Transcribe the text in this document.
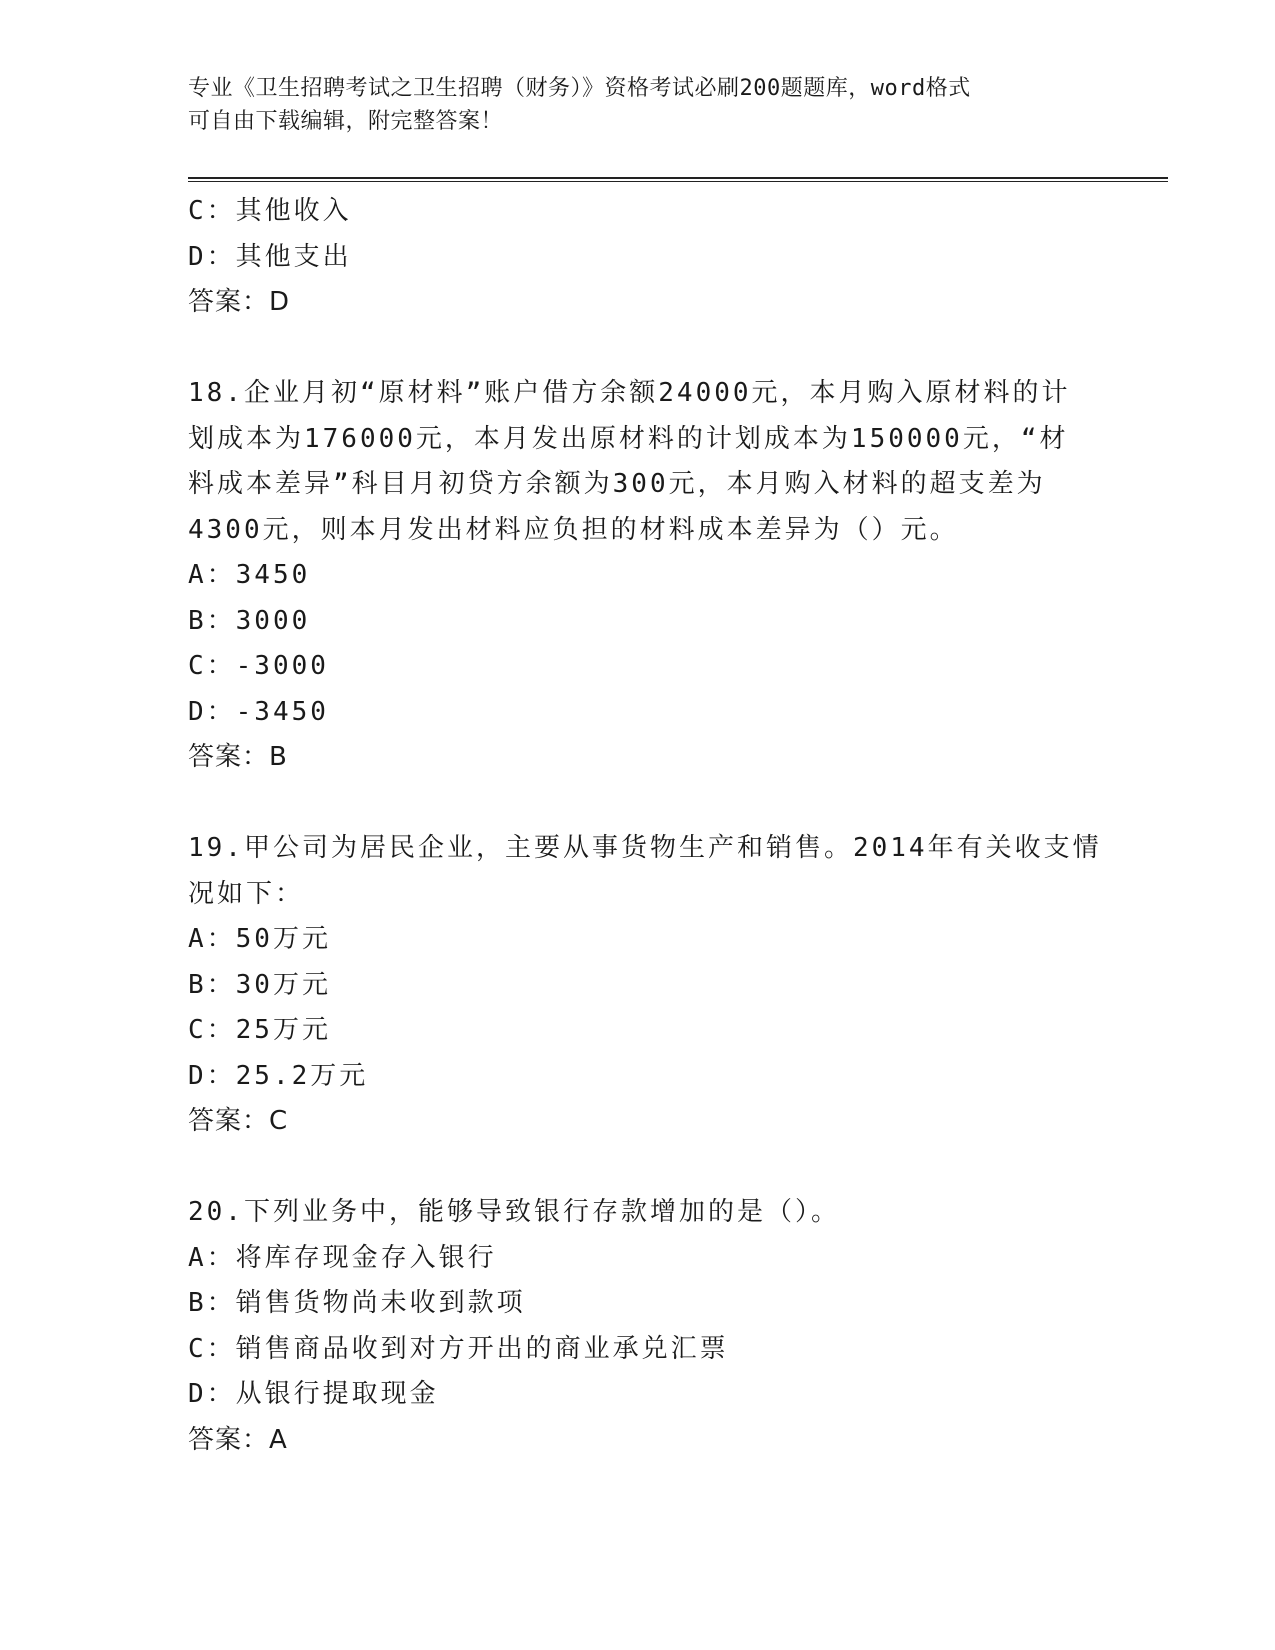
专业《卫生招聘考试之卫生招聘（财务）》资格考试必刷200题题库，word格式
可自由下载编辑，附完整答案！
C：其他收入
D：其他支出
答案：D
18.企业月初“原材料”账户借方余额24000元，本月购入原材料的计
划成本为176000元，本月发出原材料的计划成本为150000元，“材
料成本差异”科目月初贷方余额为300元，本月购入材料的超支差为
4300元，则本月发出材料应负担的材料成本差异为（）元。
A：3450
B：3000
C：-3000
D：-3450
答案：B
19.甲公司为居民企业，主要从事货物生产和销售。2014年有关收支情
况如下：
A：50万元
B：30万元
C：25万元
D：25.2万元
答案：C
20.下列业务中，能够导致银行存款增加的是（）。
A：将库存现金存入银行
B：销售货物尚未收到款项
C：销售商品收到对方开出的商业承兑汇票
D：从银行提取现金
答案：A
